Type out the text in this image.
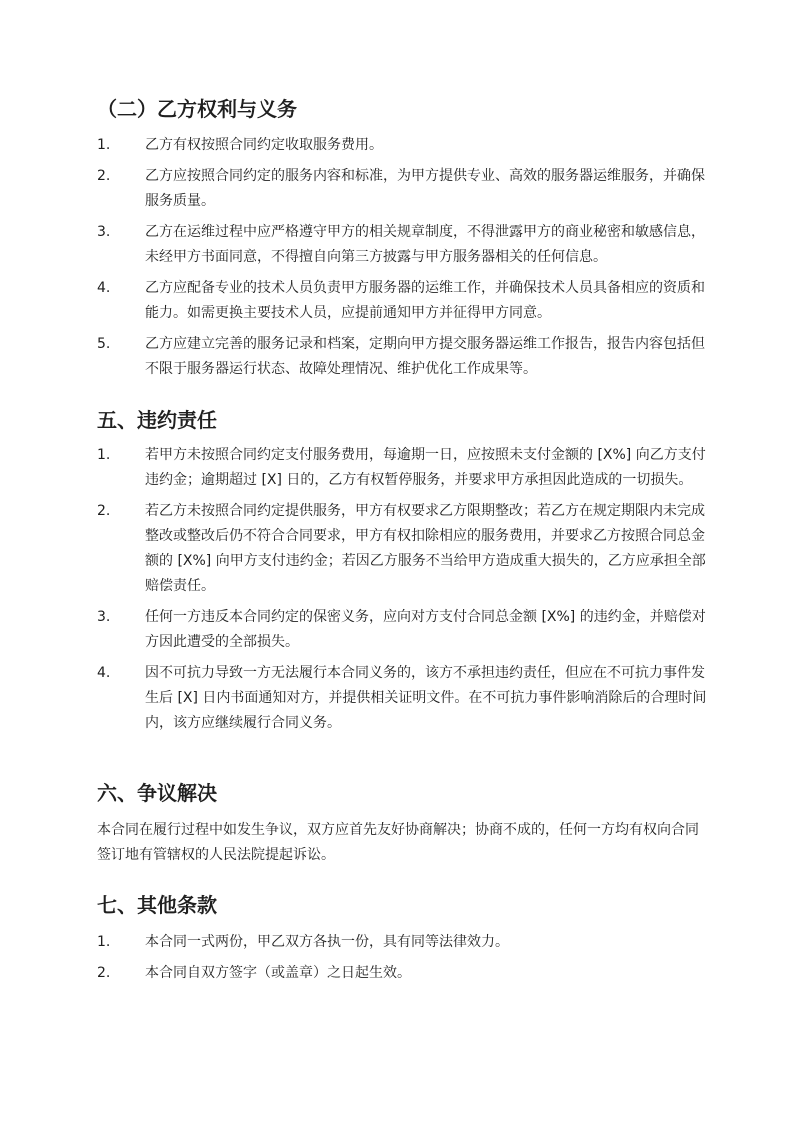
（二）乙方权利与义务
1.	乙方有权按照合同约定收取服务费用。
2.	乙方应按照合同约定的服务内容和标准，为甲方提供专业、高效的服务器运维服务，并确保服务质量。
3.	乙方在运维过程中应严格遵守甲方的相关规章制度，不得泄露甲方的商业秘密和敏感信息，未经甲方书面同意，不得擅自向第三方披露与甲方服务器相关的任何信息。
4.	乙方应配备专业的技术人员负责甲方服务器的运维工作，并确保技术人员具备相应的资质和能力。如需更换主要技术人员，应提前通知甲方并征得甲方同意。
5.	乙方应建立完善的服务记录和档案，定期向甲方提交服务器运维工作报告，报告内容包括但不限于服务器运行状态、故障处理情况、维护优化工作成果等。
五、违约责任
1.	若甲方未按照合同约定支付服务费用，每逾期一日，应按照未支付金额的 [X%] 向乙方支付违约金；逾期超过 [X] 日的，乙方有权暂停服务，并要求甲方承担因此造成的一切损失。
2.	若乙方未按照合同约定提供服务，甲方有权要求乙方限期整改；若乙方在规定期限内未完成整改或整改后仍不符合合同要求，甲方有权扣除相应的服务费用，并要求乙方按照合同总金额的 [X%] 向甲方支付违约金；若因乙方服务不当给甲方造成重大损失的，乙方应承担全部赔偿责任。
3.	任何一方违反本合同约定的保密义务，应向对方支付合同总金额 [X%] 的违约金，并赔偿对方因此遭受的全部损失。
4.	因不可抗力导致一方无法履行本合同义务的，该方不承担违约责任，但应在不可抗力事件发生后 [X] 日内书面通知对方，并提供相关证明文件。在不可抗力事件影响消除后的合理时间内，该方应继续履行合同义务。
六、争议解决

本合同在履行过程中如发生争议，双方应首先友好协商解决；协商不成的，任何一方均有权向合同签订地有管辖权的人民法院提起诉讼。

七、其他条款
1.	本合同一式两份，甲乙双方各执一份，具有同等法律效力。
2.	本合同自双方签字（或盖章）之日起生效。
